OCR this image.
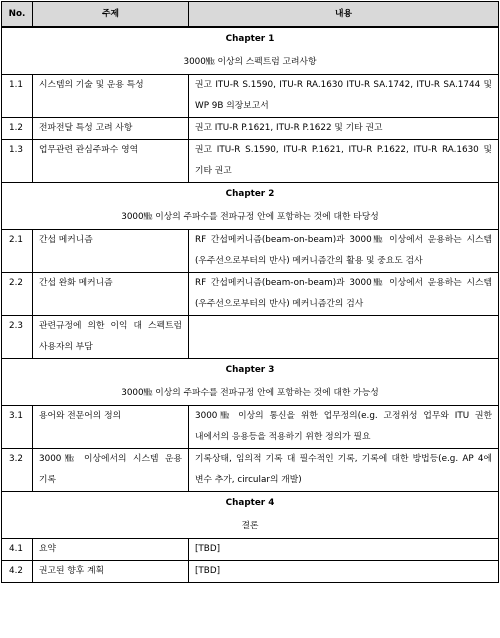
No.	주제	내용

Chapter 1
3000㎒ 이상의 스펙트럼 고려사항		

1.1	시스템의 기술 및 운용 특성	권고 ITU-R S.1590, ITU-R RA.1630 ITU-R SA.1742, ITU-R SA.1744 및 WP 9B 의장보고서
1.2	전파전달 특성 고려 사항	권고 ITU-R P.1621, ITU-R P.1622 및 기타 권고
1.3	업무관련 관심주파수 영역	권고 ITU-R S.1590, ITU-R P.1621, ITU-R P.1622, ITU-R RA.1630 및 기타 권고

Chapter 2
3000㎒ 이상의 주파수를 전파규정 안에 포함하는 것에 대한 타당성		

2.1	간섭 메커니즘	RF 간섭메커니즘(beam-on-beam)과 3000㎒ 이상에서 운용하는 시스템(우주선으로부터의 반사) 메커니즘간의 활용 및 중요도 검사
2.2	간섭 완화 메커니즘	RF 간섭메커니즘(beam-on-beam)과 3000㎒ 이상에서 운용하는 시스템(우주선으로부터의 반사) 메커니즘간의 검사
2.3	관련규정에 의한 이익 대 스펙트럼 사용자의 부담	

Chapter 3
3000㎒ 이상의 주파수를 전파규정 안에 포함하는 것에 대한 가능성		

3.1	용어와 전문어의 정의	3000㎒ 이상의 통신을 위한 업무정의(e.g. 고정위성 업무와 ITU 권한 내에서의 응용등을 적용하기 위한 정의가 필요
3.2	3000㎒ 이상에서의 시스템 운용 기록	기록상태, 임의적 기록 대 필수적인 기록, 기록에 대한 방법등(e.g. AP 4에 변수 추가, circular의 개발)

Chapter 4
결론		

4.1	요약	[TBD]
4.2	권고된 향후 계획	[TBD]
